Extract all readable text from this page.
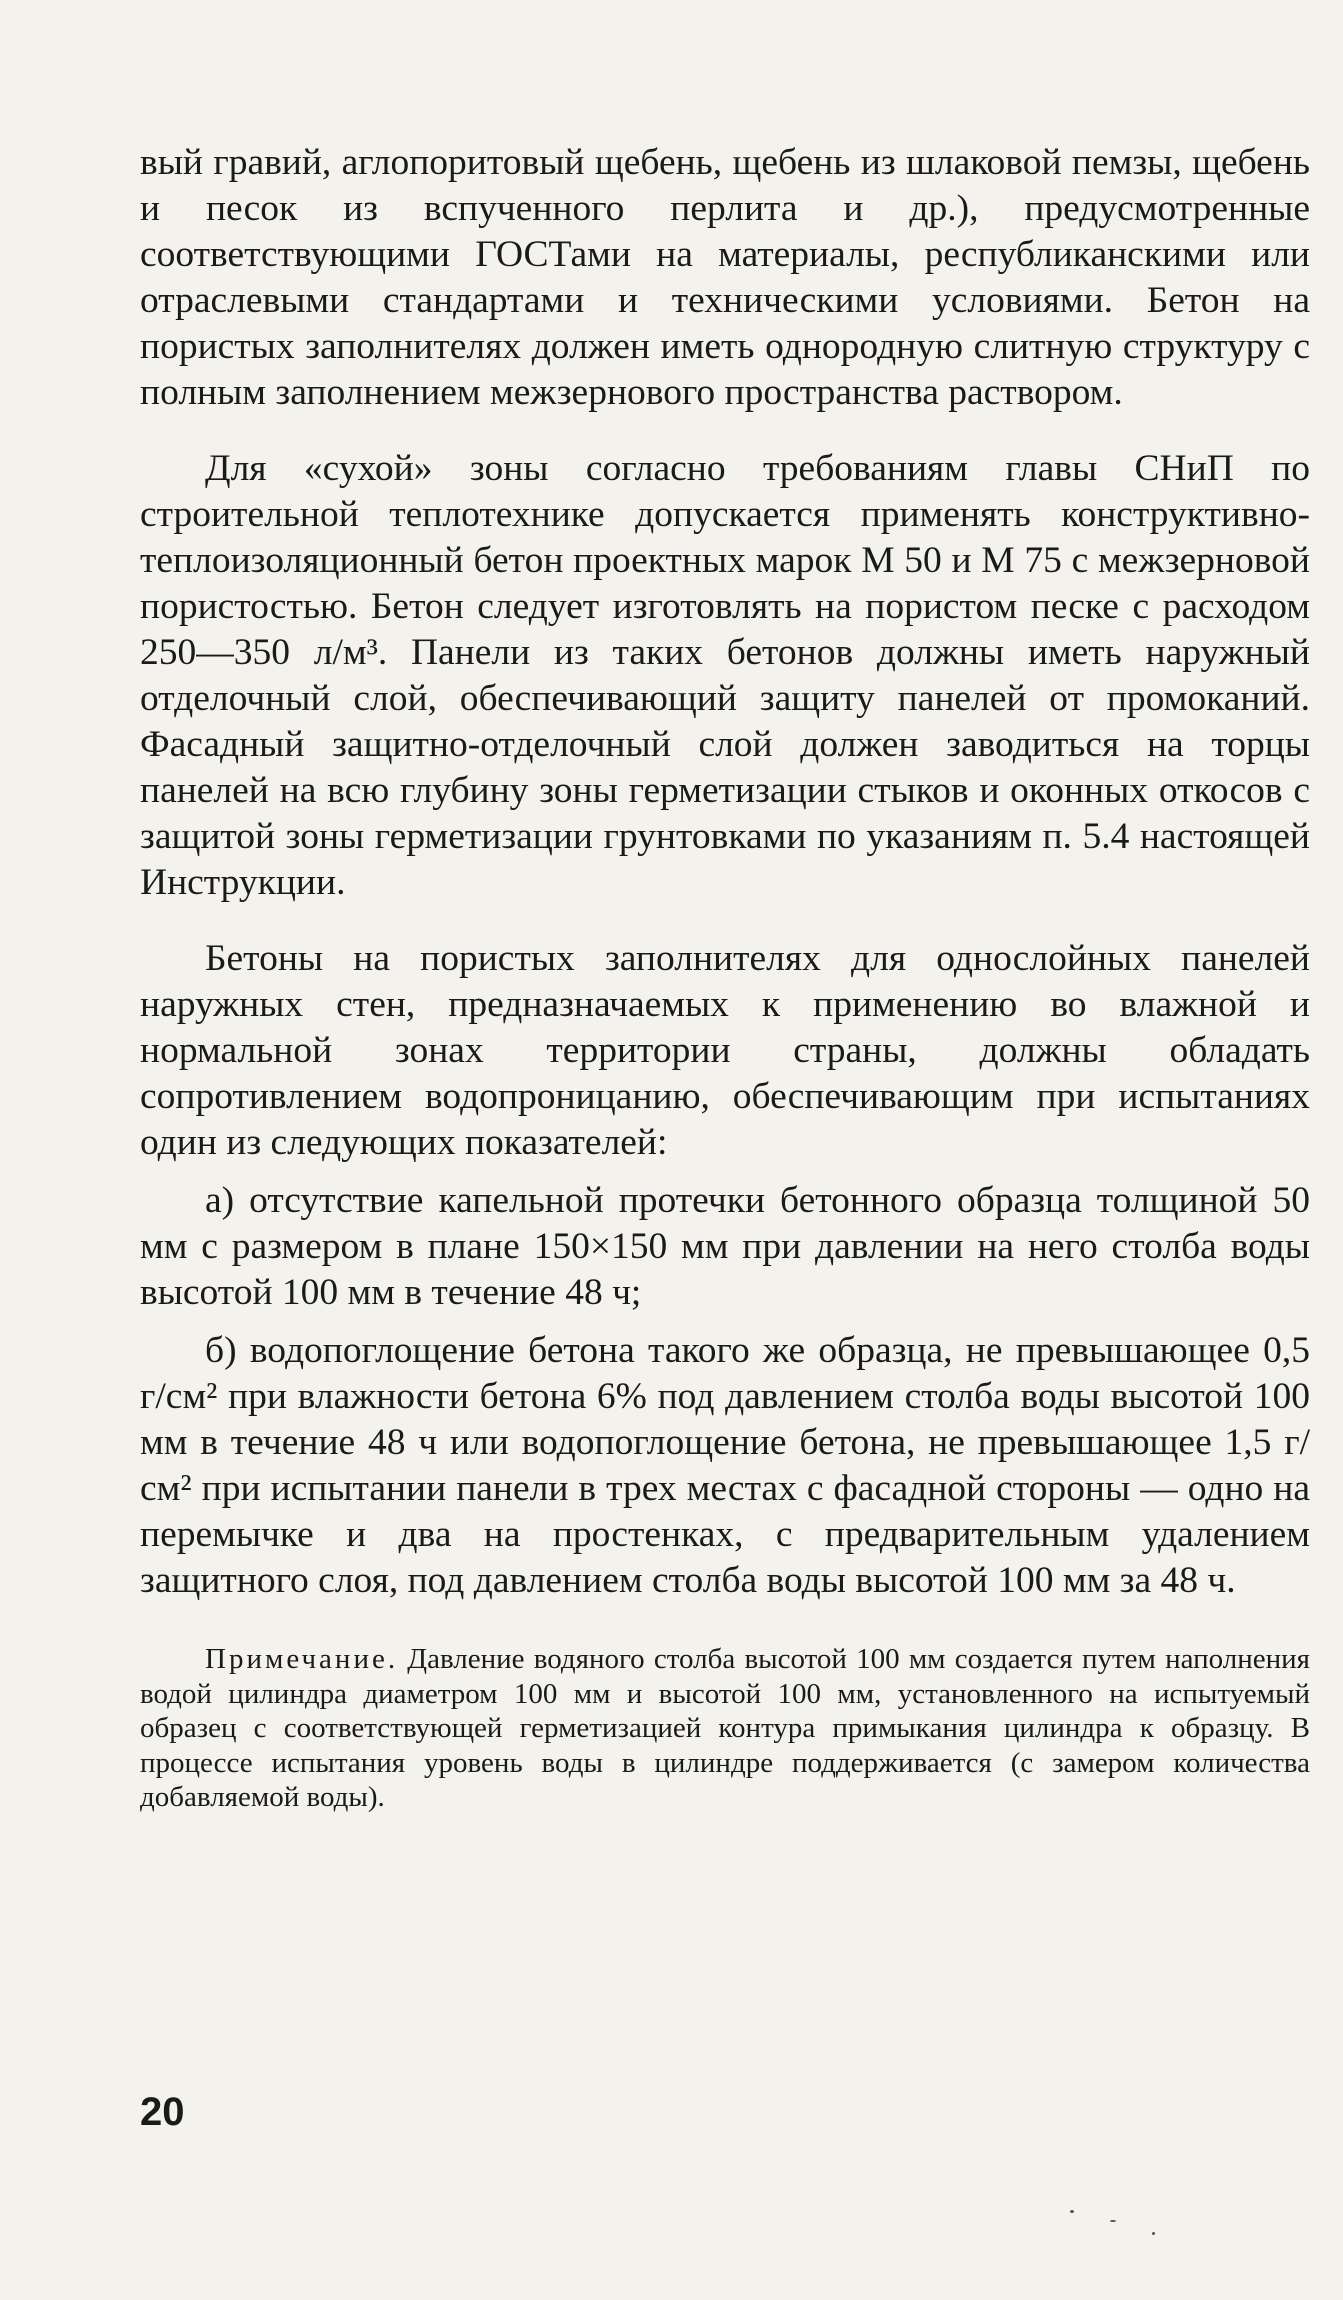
вый гравий, аглопоритовый щебень, щебень из шлаковой пемзы, щебень и песок из вспученного перлита и др.), предусмотренные соответствующими ГОСТами на материалы, республиканскими или отраслевыми стандартами и техническими условиями. Бетон на пористых заполнителях должен иметь однородную слитную структуру с полным заполнением межзернового пространства раствором.

Для «сухой» зоны согласно требованиям главы СНиП по строительной теплотехнике допускается применять конструктивно-теплоизоляционный бетон проектных марок М 50 и М 75 с межзерновой пористостью. Бетон следует изготовлять на пористом песке с расходом 250—350 л/м³. Панели из таких бетонов должны иметь наружный отделочный слой, обеспечивающий защиту панелей от промоканий. Фасадный защитно-отделочный слой должен заводиться на торцы панелей на всю глубину зоны герметизации стыков и оконных откосов с защитой зоны герметизации грунтовками по указаниям п. 5.4 настоящей Инструкции.

Бетоны на пористых заполнителях для однослойных панелей наружных стен, предназначаемых к применению во влажной и нормальной зонах территории страны, должны обладать сопротивлением водопроницанию, обеспечивающим при испытаниях один из следующих показателей:

а) отсутствие капельной протечки бетонного образца толщиной 50 мм с размером в плане 150×150 мм при давлении на него столба воды высотой 100 мм в течение 48 ч;

б) водопоглощение бетона такого же образца, не превышающее 0,5 г/см² при влажности бетона 6% под давлением столба воды высотой 100 мм в течение 48 ч или водопоглощение бетона, не превышающее 1,5 г/см² при испытании панели в трех местах с фасадной стороны — одно на перемычке и два на простенках, с предварительным удалением защитного слоя, под давлением столба воды высотой 100 мм за 48 ч.

Примечание. Давление водяного столба высотой 100 мм создается путем наполнения водой цилиндра диаметром 100 мм и высотой 100 мм, установленного на испытуемый образец с соответствующей герметизацией контура примыкания цилиндра к образцу. В процессе испытания уровень воды в цилиндре поддерживается (с замером количества добавляемой воды).

20
